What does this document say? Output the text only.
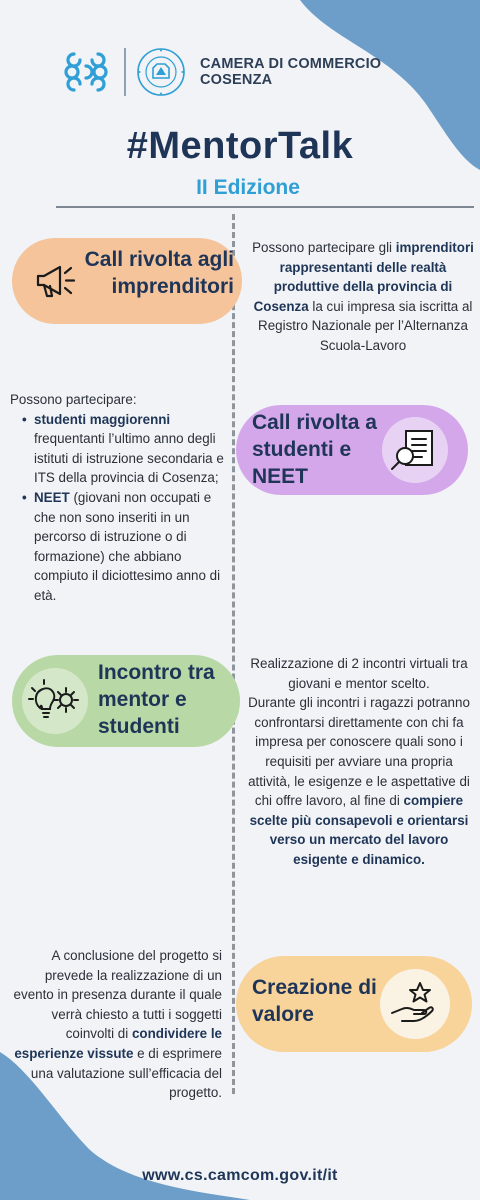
CAMERA DI COMMERCIO
COSENZA
#MentorTalk
II Edizione
Call rivolta agli imprenditori
Possono partecipare gli imprenditori rappresentanti delle realtà produttive della provincia di Cosenza la cui impresa sia iscritta al Registro Nazionale per l’Alternanza Scuola-Lavoro
Possono partecipare:
• studenti maggiorenni frequentanti l’ultimo anno degli istituti di istruzione secondaria e ITS della provincia di Cosenza;
• NEET (giovani non occupati e che non sono inseriti in un percorso di istruzione o di formazione) che abbiano compiuto il diciottesimo anno di età.
Call rivolta a studenti e NEET
Incontro tra mentor e studenti
Realizzazione di 2 incontri virtuali tra giovani e mentor scelto.
Durante gli incontri i ragazzi potranno confrontarsi direttamente con chi fa impresa per conoscere quali sono i requisiti per avviare una propria attività, le esigenze e le aspettative di chi offre lavoro, al fine di compiere scelte più consapevoli e orientarsi verso un mercato del lavoro esigente e dinamico.
A conclusione del progetto si prevede la realizzazione di un evento in presenza durante il quale verrà chiesto a tutti i soggetti coinvolti di condividere le esperienze vissute e di esprimere una valutazione sull’efficacia del progetto.
Creazione di valore
www.cs.camcom.gov.it/it
